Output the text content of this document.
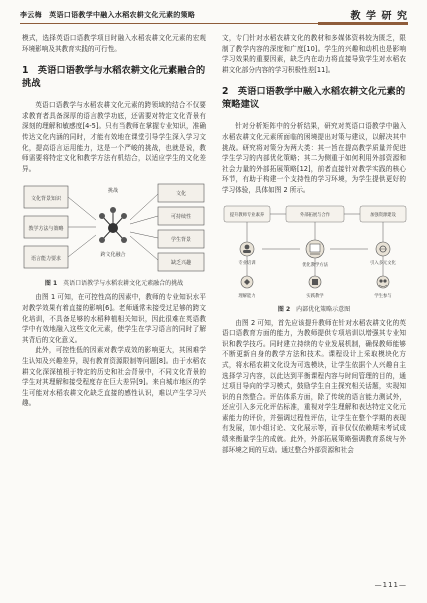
李云梅　英语口语教学中融入水稻农耕文化元素的策略	教 学 研 究

模式，选择英语口语教学项目时融入水稻农耕文化元素的宏观环境影响及其教育实践的可行性。

1　英语口语教学与水稻农耕文化元素融合的挑战

英语口语教学与水稻农耕文化元素的跨领域的结合不仅要求教育者具备深厚的语言教学功底，还需要对特定文化背景有深刻的理解和敏感度[4-5]。只有当教师在掌握专业知识，准确传达文化内涵的同时，才能有效地在课堂引导学生深入学习文化，提高语言运用能力，这是一个严峻的挑战，也就是说，教师需要将特定文化和教学方法有机结合，以适应学生的文化差异。

文化背景知识
教学方法与策略
语言能力要求
挑战
跨文化融合
文化
可持续性
学生背景
缺乏兴趣
图 1 英语口语教学与水稻农耕文化元素融合的挑战

由图 1 可知，在可控性高的因素中，教师的专业知识水平对教学效果有着直接的影响[6]。老师通常未接受过足够的跨文化培训，不具备足够的水稻种植相关知识，因此很难在英语教学中有效地融入这些文化元素，使学生在学习语言的同时了解其背后的文化意义。

此外，可控性低的因素对教学成效的影响更大，其困难学生认知及兴趣差异，现有教育资源限制等问题[8]。由于水稻农耕文化深深植根于特定的历史和社会背景中，不同文化背景的学生对其理解和接受程度存在巨大差异[9]。来自城市地区的学生可能对水稻农耕文化缺乏直接的感性认识，难以产生学习兴趣。

文，专门针对水稻农耕文化的教材和多媒体资料较为匮乏，限制了教学内容的深度和广度[10]。学生的兴趣和动机也是影响学习效果的重要因素，缺乏内在动力将直接导致学生对水稻农耕文化部分内容的学习积极性差[11]。

2　英语口语教学中融入水稻农耕文化元素的策略建议

针对分析矩阵中的分析结果，研究对英语口语教学中融入水稻农耕文化元素所面临的困境提出对策与建议，以解决其中挑战。研究将对策分为两大类：其一旨在提高教学质量并促进学生学习的内部优化策略；其二为侧重于如何利用外部资源和社会力量的外部拓展策略[12]，前者直接针对教学实践的核心环节，有助于构建一个支持性的学习环境，为学生提供更好的学习体验，具体如图 2 所示。

提升教师专业素养	外部拓展与合作	加强资源建设
专业培训	优化教学方法	引入多元文化
理解能力	实践教学	学生参与
图 2 内部优化策略示意图

由图 2 可知，首先应该提升教师在针对水稻农耕文化的英语口语教育方面的能力，为教师提供专项培训以增强其专业知识和教学技巧。同时建立持续的专业发展机制，确保教师能够不断更新自身的教学方法和技术。课程设计上采取模块化方式，将水稻农耕文化设为可选模块，让学生依据个人兴趣自主选择学习内容，以此达到平衡课程内容与时间管理的目的，通过项目导向的学习模式，鼓励学生自主探究相关话题，实现知识的自然整合。评估体系方面，除了传统的语言能力测试外，还应引入多元化评估标准，重视对学生理解和表达特定文化元素能力的评价，并强调过程性评估，让学生在整个学期的表现有发展，加小组讨论、文化展示等，而非仅仅依赖期末考试成绩来衡量学生的成就。此外，外部拓展策略强调教育系统与外部环境之间的互动。通过整合外部资源和社会

—111—
